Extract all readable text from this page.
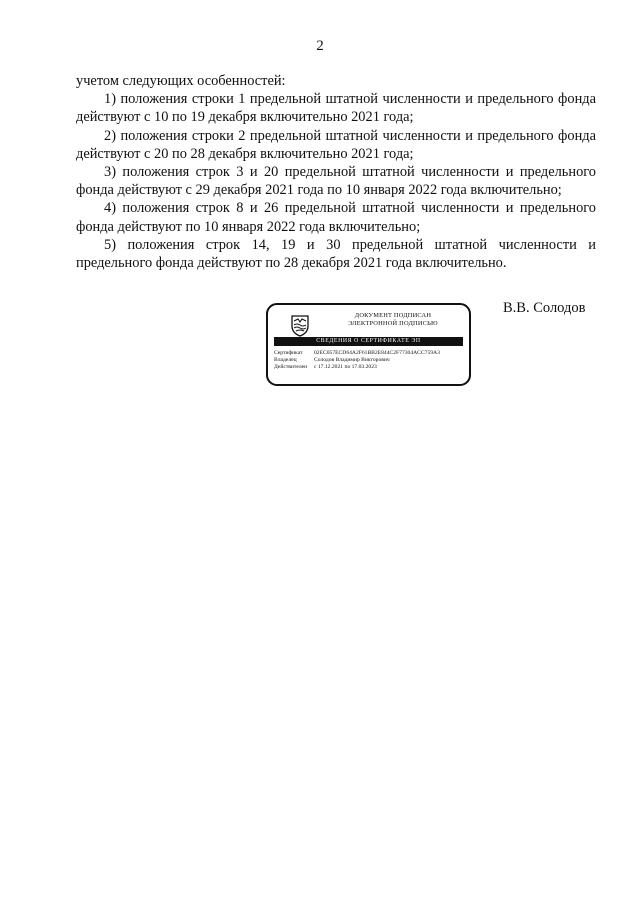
2

учетом следующих особенностей:

1) положения строки 1 предельной штатной численности и предельного фонда действуют с 10 по 19 декабря включительно 2021 года;

2) положения строки 2 предельной штатной численности и предельного фонда действуют с 20 по 28 декабря включительно 2021 года;

3) положения строк 3 и 20 предельной штатной численности и предельного фонда действуют с 29 декабря 2021 года по 10 января 2022 года включительно;

4) положения строк 8 и 26 предельной штатной численности и предельного фонда действуют по 10 января 2022 года включительно;

5) положения строк 14, 19 и 30 предельной штатной численности и предельного фонда действуют по 28 декабря 2021 года включительно.

ДОКУМЕНТ ПОДПИСАН
ЭЛЕКТРОННОЙ ПОДПИСЬЮ
СВЕДЕНИЯ О СЕРТИФИКАТЕ ЭП
Сертификат	02EC057ECD64A2F61BB2E844C2F77304ACC759A3
Владелец	Солодов Владимир Викторович
Действителен	с 17.12.2021 по 17.03.2023
В.В. Солодов
